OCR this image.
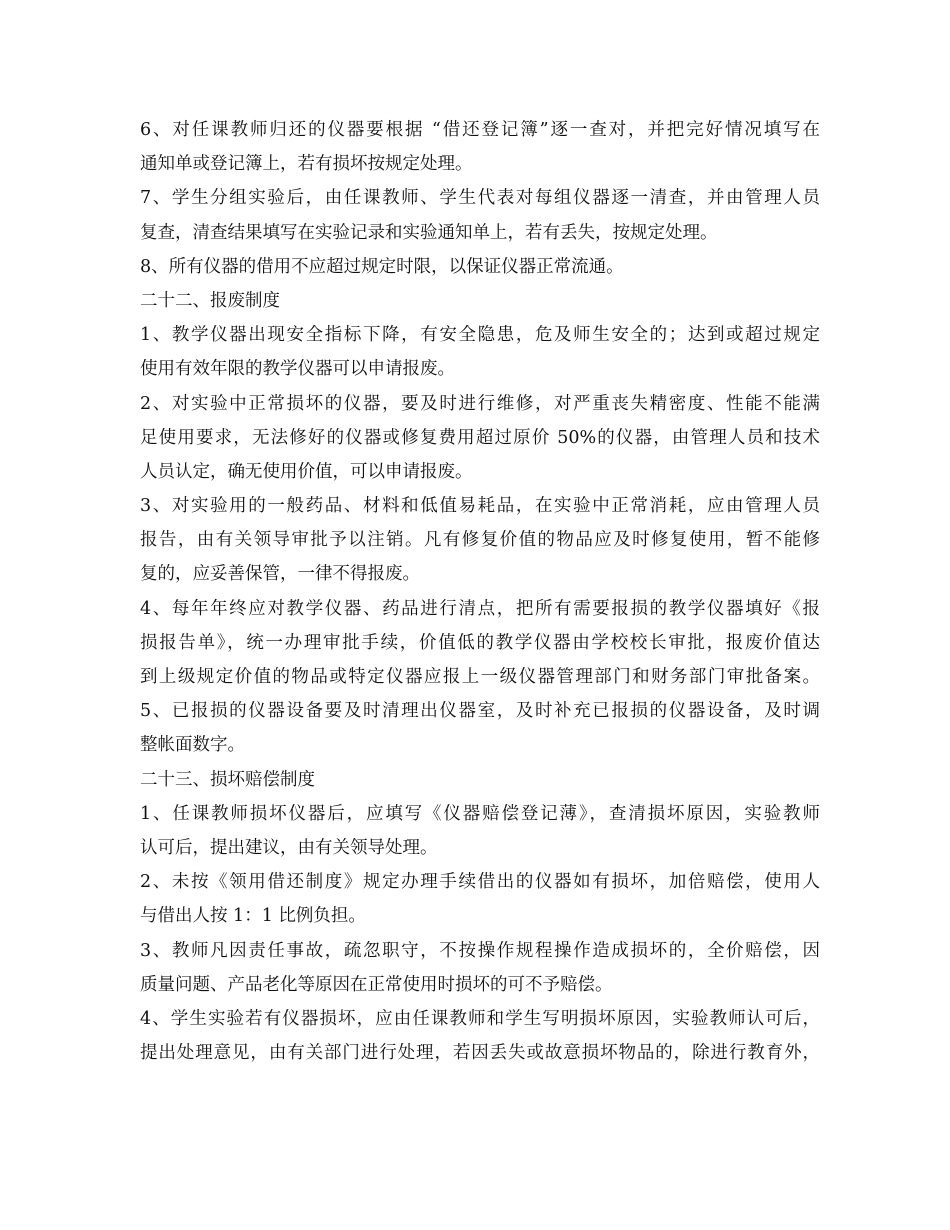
6、对任课教师归还的仪器要根据 “借还登记簿”逐一查对，并把完好情况填写在
通知单或登记簿上，若有损坏按规定处理。
7、学生分组实验后，由任课教师、学生代表对每组仪器逐一清查，并由管理人员
复查，清查结果填写在实验记录和实验通知单上，若有丢失，按规定处理。
8、所有仪器的借用不应超过规定时限，以保证仪器正常流通。
二十二、报废制度
1、教学仪器出现安全指标下降，有安全隐患，危及师生安全的；达到或超过规定
使用有效年限的教学仪器可以申请报废。
2、对实验中正常损坏的仪器，要及时进行维修，对严重丧失精密度、性能不能满
足使用要求，无法修好的仪器或修复费用超过原价 50%的仪器，由管理人员和技术
人员认定，确无使用价值，可以申请报废。
3、对实验用的一般药品、材料和低值易耗品，在实验中正常消耗，应由管理人员
报告，由有关领导审批予以注销。凡有修复价值的物品应及时修复使用，暂不能修
复的，应妥善保管，一律不得报废。
4、每年年终应对教学仪器、药品进行清点，把所有需要报损的教学仪器填好《报
损报告单》，统一办理审批手续，价值低的教学仪器由学校校长审批，报废价值达
到上级规定价值的物品或特定仪器应报上一级仪器管理部门和财务部门审批备案。
5、已报损的仪器设备要及时清理出仪器室，及时补充已报损的仪器设备，及时调
整帐面数字。
二十三、损坏赔偿制度
1、任课教师损坏仪器后，应填写《仪器赔偿登记薄》，查清损坏原因，实验教师
认可后，提出建议，由有关领导处理。
2、未按《领用借还制度》规定办理手续借出的仪器如有损坏，加倍赔偿，使用人
与借出人按 1：1 比例负担。
3、教师凡因责任事故，疏忽职守，不按操作规程操作造成损坏的，全价赔偿，因
质量问题、产品老化等原因在正常使用时损坏的可不予赔偿。
4、学生实验若有仪器损坏，应由任课教师和学生写明损坏原因，实验教师认可后，
提出处理意见，由有关部门进行处理，若因丢失或故意损坏物品的，除进行教育外，
